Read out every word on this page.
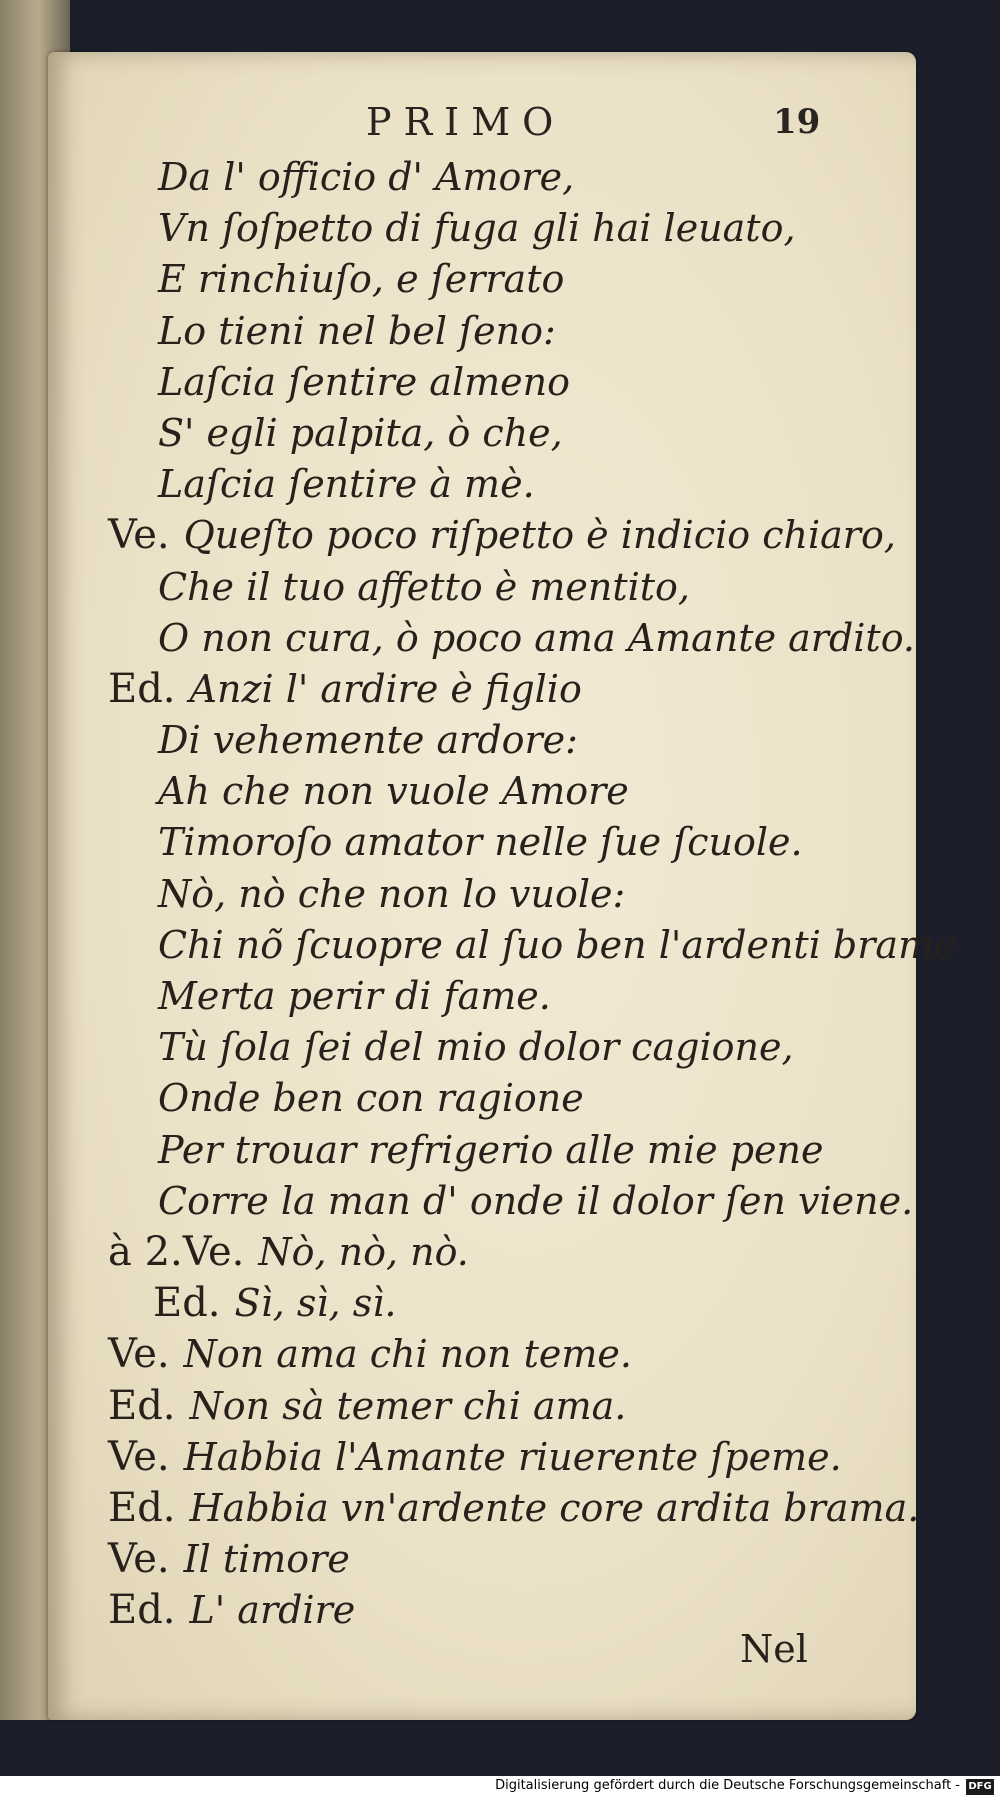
PRIMO	19
Da l' officio d' Amore,
Vn ſoſpetto di fuga gli hai leuato,
E rinchiuſo, e ſerrato
Lo tieni nel bel ſeno:
Laſcia ſentire almeno
S' egli palpita, ò che,
Laſcia ſentire à mè.
Ve. Queſto poco riſpetto è indicio chiaro,
Che il tuo affetto è mentito,
O non cura, ò poco ama Amante ardito.
Ed. Anzi l' ardire è figlio
Di vehemente ardore:
Ah che non vuole Amore
Timoroſo amator nelle ſue ſcuole.
Nò, nò che non lo vuole:
Chi nõ ſcuopre al ſuo ben l'ardenti brame
Merta perir di fame.
Tù ſola ſei del mio dolor cagione,
Onde ben con ragione
Per trouar refrigerio alle mie pene
Corre la man d' onde il dolor ſen viene.
à 2.Ve. Nò, nò, nò.
Ed. Sì, sì, sì.
Ve. Non ama chi non teme.
Ed. Non sà temer chi ama.
Ve. Habbia l'Amante riuerente ſpeme.
Ed. Habbia vn'ardente core ardita brama.
Ve. Il timore
Ed. L' ardire
Nel
Digitalisierung gefördert durch die Deutsche Forschungsgemeinschaft - DFG
